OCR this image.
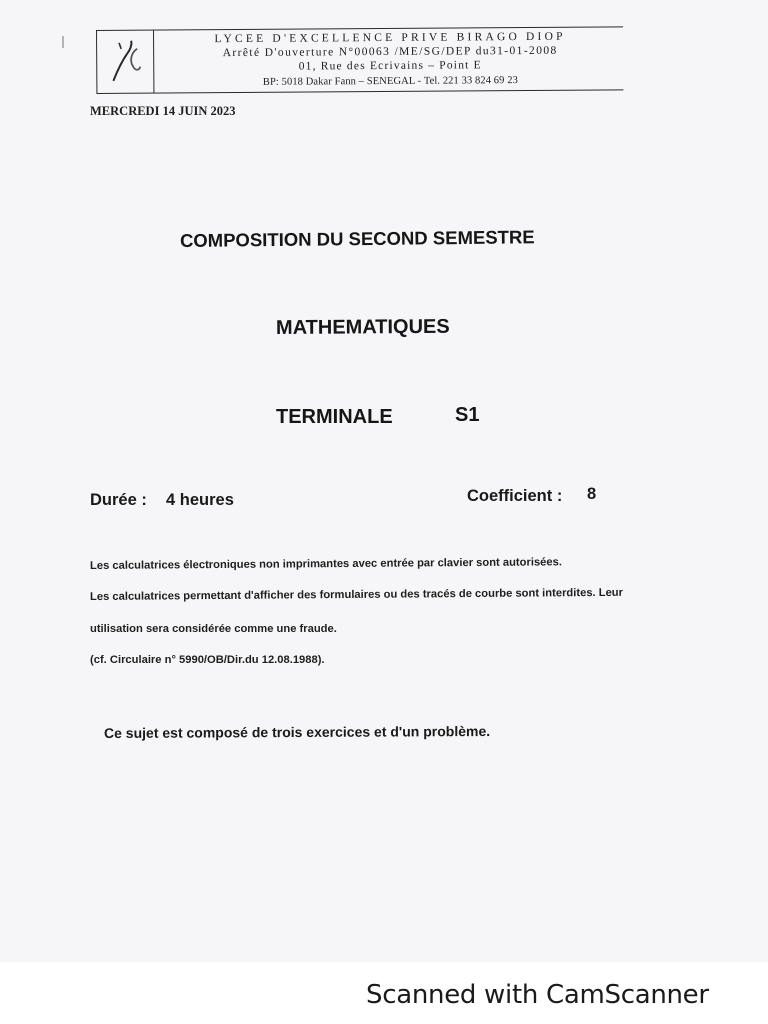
LYCEE D'EXCELLENCE PRIVE BIRAGO DIOP
Arrêté D'ouverture N°00063 /ME/SG/DEP du31-01-2008
01, Rue des Ecrivains – Point E
BP: 5018 Dakar Fann – SENEGAL - Tel. 221 33 824 69 23
MERCREDI 14 JUIN 2023
COMPOSITION DU SECOND SEMESTRE
MATHEMATIQUES
TERMINALE	S1
Durée : 4 heures	Coefficient : 8
Les calculatrices électroniques non imprimantes avec entrée par clavier sont autorisées.
Les calculatrices permettant d'afficher des formulaires ou des tracés de courbe sont interdites. Leur
utilisation sera considérée comme une fraude.
(cf. Circulaire n° 5990/OB/Dir.du 12.08.1988).
Ce sujet est composé de trois exercices et d'un problème.
Scanned with CamScanner
